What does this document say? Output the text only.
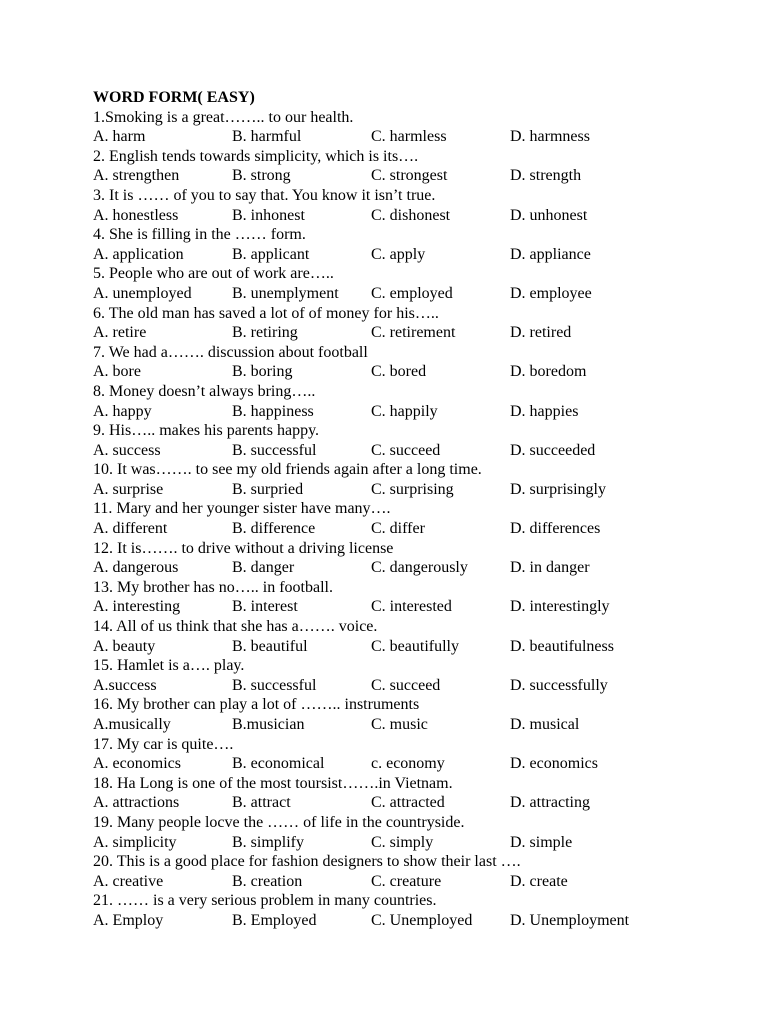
WORD FORM( EASY)
1.Smoking is a great…….. to our health.
A. harm	B. harmful	C. harmless	D. harmness
2. English tends towards simplicity, which is its….
A. strengthen	B. strong	C. strongest	D. strength
3. It is …… of you to say that. You know it isn’t true.
A. honestless	B. inhonest	C. dishonest	D. unhonest
4. She is filling in the …… form.
A. application	B. applicant	C. apply	D. appliance
5. People who are out of work are…..
A. unemployed	B. unemplyment C. employed	D. employee
6. The old man has saved a lot of of money for his…..
A. retire	B. retiring	C. retirement	D. retired
7. We had a……. discussion about football
A. bore	B. boring	C. bored	D. boredom
8. Money doesn’t always bring…..
A. happy	B. happiness	C. happily	D. happies
9. His….. makes his parents happy.
A. success	B. successful	C. succeed	D. succeeded
10. It was……. to see my old friends again after a long time.
A. surprise	B. surpried	C. surprising	D. surprisingly
11. Mary and her younger sister have many….
A. different	B. difference	C. differ	D. differences
12. It is……. to drive without a driving license
A. dangerous	B. danger	C. dangerously	D. in danger
13. My brother has no….. in football.
A. interesting	B. interest	C. interested	D. interestingly
14. All of us think that she has a……. voice.
A. beauty	B. beautiful	C. beautifully	D. beautifulness
15. Hamlet is a…. play.
A.success	B. successful	C. succeed	D. successfully
16. My brother can play a lot of …….. instruments
A.musically	B.musician	C. music	D. musical
17. My car is quite….
A. economics	B. economical	c. economy	D. economics
18. Ha Long is one of the most toursist…….in Vietnam.
A. attractions	B. attract	C. attracted	D. attracting
19. Many people locve the …… of life in the countryside.
A. simplicity	B. simplify	C. simply	D. simple
20. This is a good place for fashion designers to show their last ….
A. creative	B. creation	C. creature	D. create
21. …… is a very serious problem in many countries.
A. Employ	B. Employed	C. Unemployed D. Unemployment
